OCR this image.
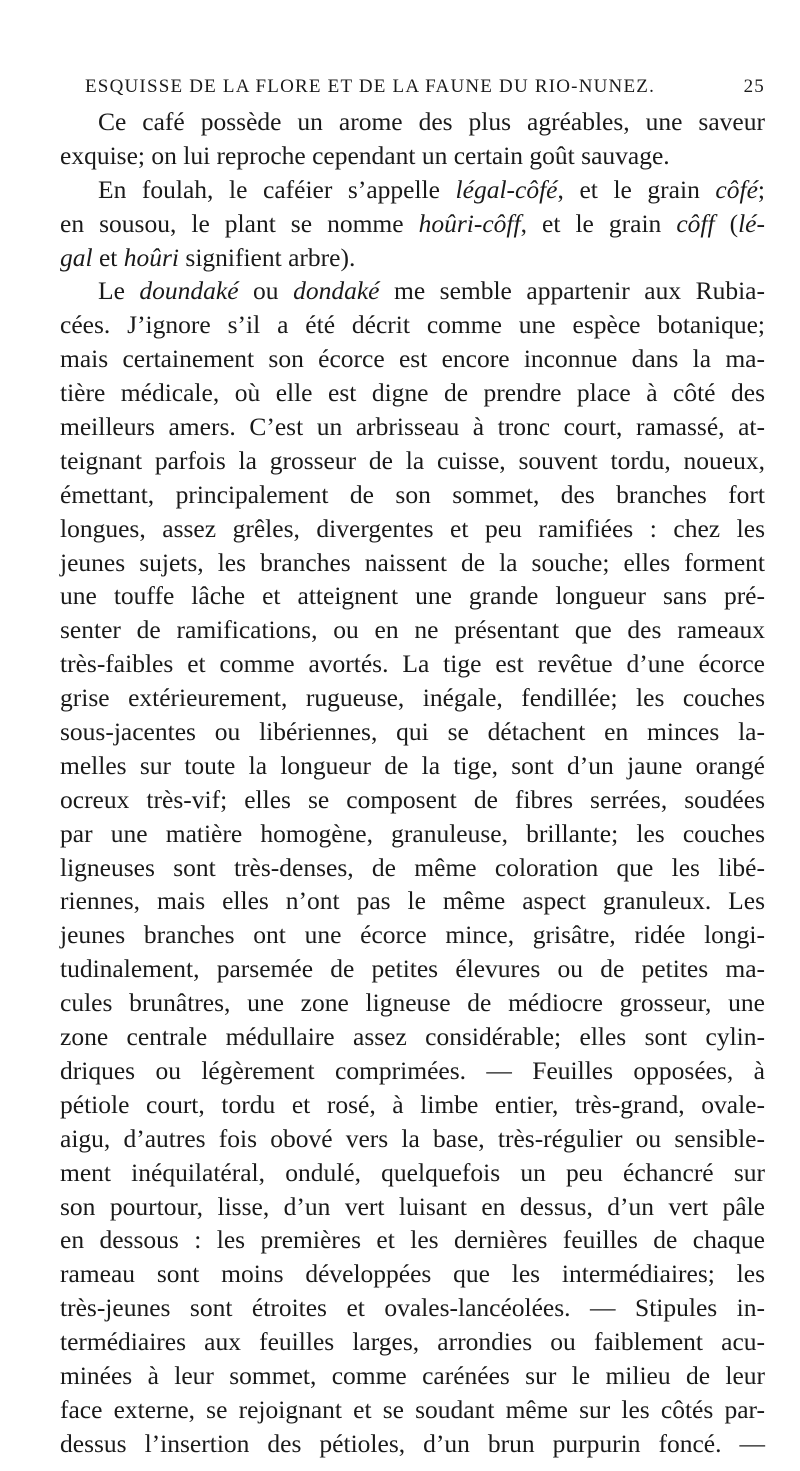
ESQUISSE DE LA FLORE ET DE LA FAUNE DU RIO-NUNEZ.	25
Ce café possède un arome des plus agréables, une saveur
exquise; on lui reproche cependant un certain goût sauvage.
En foulah, le caféier s’appelle légal-côfé, et le grain côfé;
en sousou, le plant se nomme hoûri-côff, et le grain côff (lé-
gal et hoûri signifient arbre).
Le doundaké ou dondaké me semble appartenir aux Rubia-
cées. J’ignore s’il a été décrit comme une espèce botanique;
mais certainement son écorce est encore inconnue dans la ma-
tière médicale, où elle est digne de prendre place à côté des
meilleurs amers. C’est un arbrisseau à tronc court, ramassé, at-
teignant parfois la grosseur de la cuisse, souvent tordu, noueux,
émettant, principalement de son sommet, des branches fort
longues, assez grêles, divergentes et peu ramifiées : chez les
jeunes sujets, les branches naissent de la souche; elles forment
une touffe lâche et atteignent une grande longueur sans pré-
senter de ramifications, ou en ne présentant que des rameaux
très-faibles et comme avortés. La tige est revêtue d’une écorce
grise extérieurement, rugueuse, inégale, fendillée; les couches
sous-jacentes ou libériennes, qui se détachent en minces la-
melles sur toute la longueur de la tige, sont d’un jaune orangé
ocreux très-vif; elles se composent de fibres serrées, soudées
par une matière homogène, granuleuse, brillante; les couches
ligneuses sont très-denses, de même coloration que les libé-
riennes, mais elles n’ont pas le même aspect granuleux. Les
jeunes branches ont une écorce mince, grisâtre, ridée longi-
tudinalement, parsemée de petites élevures ou de petites ma-
cules brunâtres, une zone ligneuse de médiocre grosseur, une
zone centrale médullaire assez considérable; elles sont cylin-
driques ou légèrement comprimées. — Feuilles opposées, à
pétiole court, tordu et rosé, à limbe entier, très-grand, ovale-
aigu, d’autres fois obové vers la base, très-régulier ou sensible-
ment inéquilatéral, ondulé, quelquefois un peu échancré sur
son pourtour, lisse, d’un vert luisant en dessus, d’un vert pâle
en dessous : les premières et les dernières feuilles de chaque
rameau sont moins développées que les intermédiaires; les
très-jeunes sont étroites et ovales-lancéolées. — Stipules in-
termédiaires aux feuilles larges, arrondies ou faiblement acu-
minées à leur sommet, comme carénées sur le milieu de leur
face externe, se rejoignant et se soudant même sur les côtés par-
dessus l’insertion des pétioles, d’un brun purpurin foncé. —
